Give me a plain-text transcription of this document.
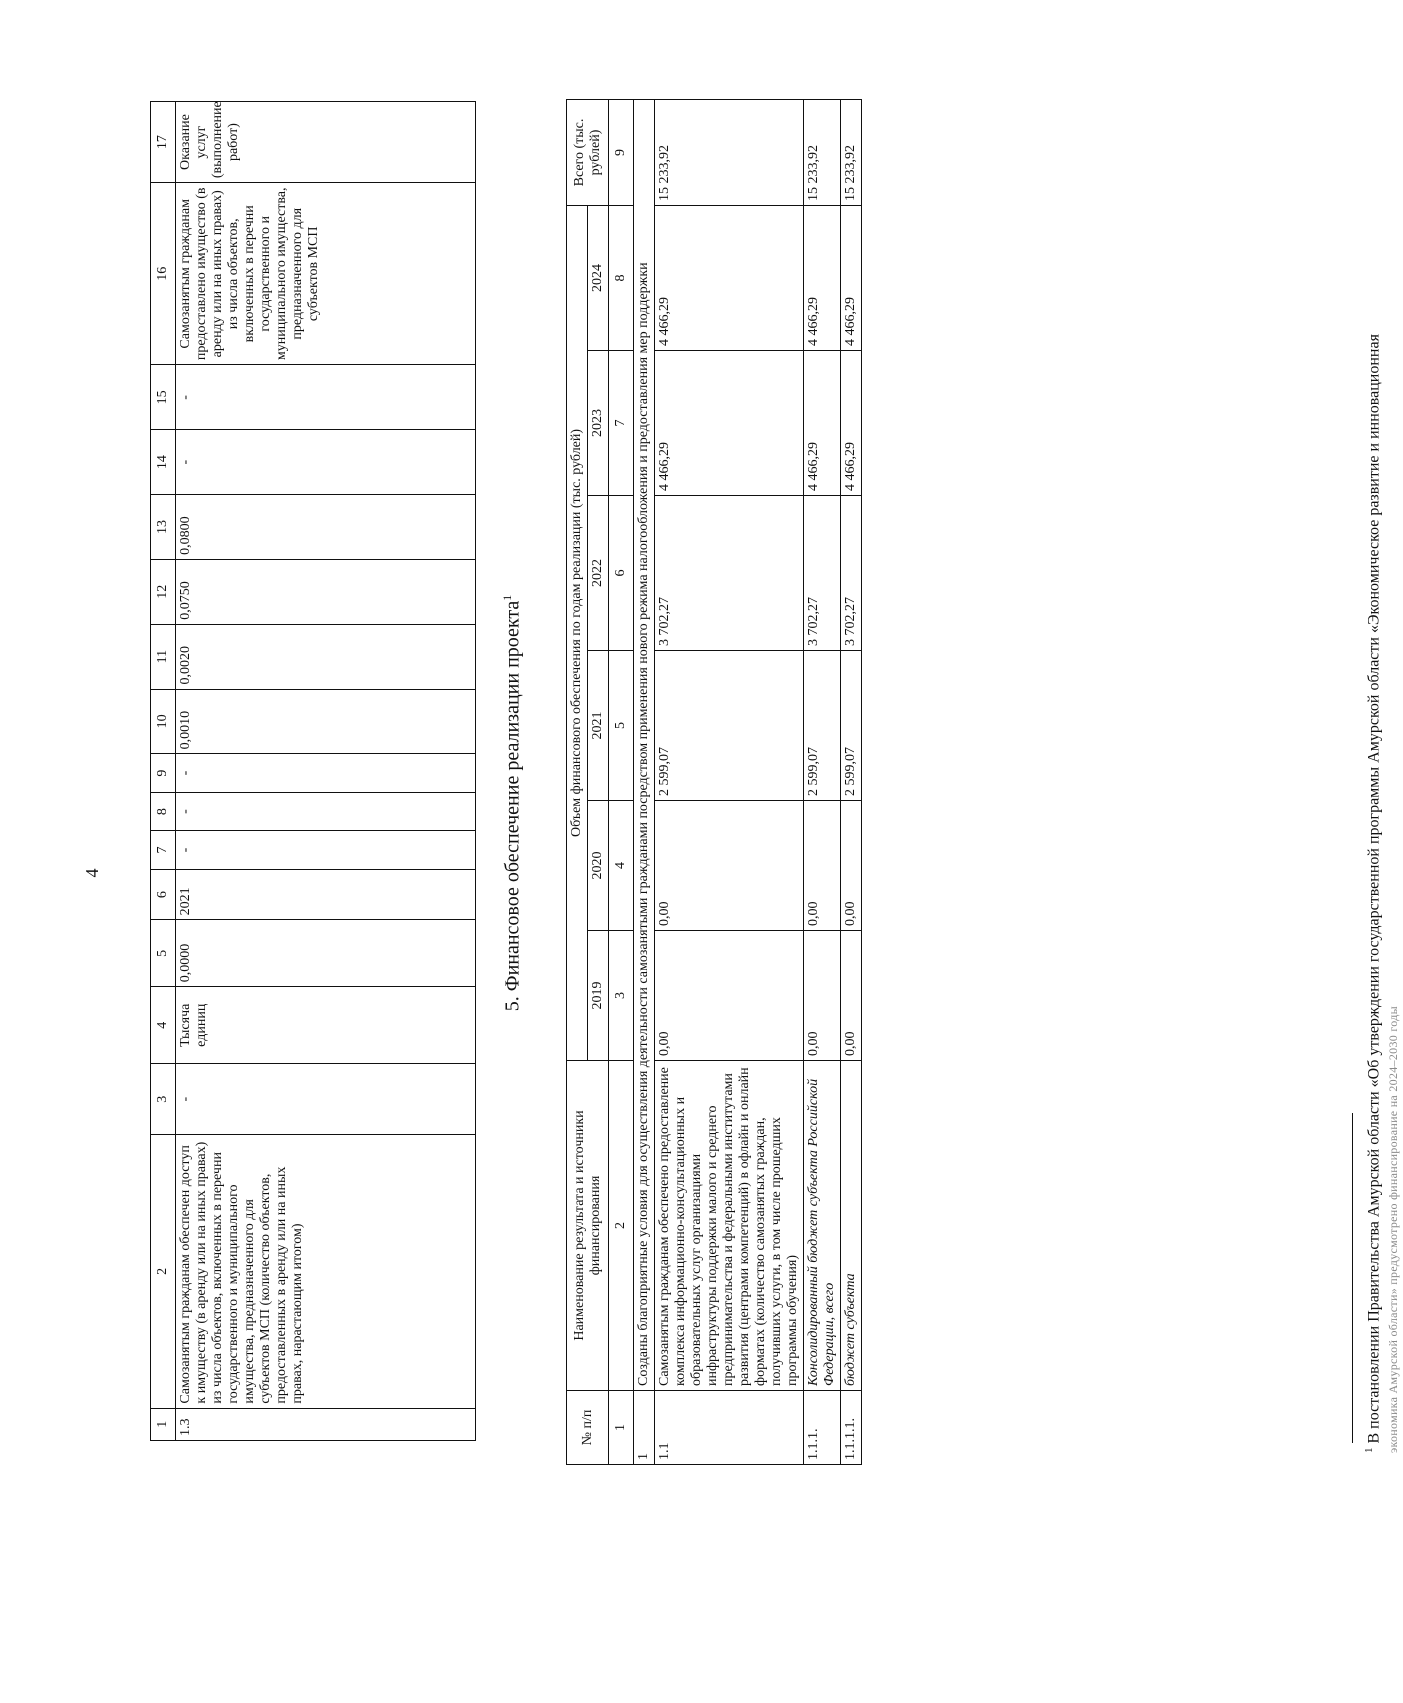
4
1	2	3	4	5	6	7	8	9	10	11	12	13	14	15	16	17
1.3	Самозанятым гражданам обеспечен доступ к имуществу (в аренду или на иных правах) из числа объектов, включенных в перечни государственного и муниципального имущества, предназначенного для субъектов МСП (количество объектов, предоставленных в аренду или на иных правах, нарастающим итогом)	-	Тысяча единиц	0,0000	2021	-	-	-	0,0010	0,0020	0,0750	0,0800	-	-	Самозанятым гражданам предоставлено имущество (в аренду или на иных правах) из числа объектов, включенных в перечни государственного и муниципального имущества, предназначенного для субъектов МСП	Оказание услуг (выполнение работ)
5. Финансовое обеспечение реализации проекта$^1$
№ п/п	Наименование результата и источники финансирования	Объем финансового обеспечения по годам реализации (тыс. рублей)						Всего (тыс. рублей)
		2019	2020	2021	2022	2023	2024	
1	2	3	4	5	6	7	8	9
1	Созданы благоприятные условия для осуществления деятельности самозанятыми гражданами посредством применения нового режима налогообложения и предоставления мер поддержки							
1.1	Самозанятым гражданам обеспечено предоставление комплекса информационно-консультационных и образовательных услуг организациями инфраструктуры поддержки малого и среднего предпринимательства и федеральными институтами развития (центрами компетенций) в офлайн и онлайн форматах (количество самозанятых граждан, получивших услуги, в том числе прошедших программы обучения)	0,00	0,00	2 599,07	3 702,27	4 466,29	4 466,29	15 233,92
1.1.1.	Консолидированный бюджет субъекта Российской Федерации, всего	0,00	0,00	2 599,07	3 702,27	4 466,29	4 466,29	15 233,92
1.1.1.1.	бюджет субъекта	0,00	0,00	2 599,07	3 702,27	4 466,29	4 466,29	15 233,92
$^1$ В постановлении Правительства Амурской области «Об утверждении государственной программы Амурской области «Экономическое развитие и инновационная экономика Амурской области» предусмотрено финансирование на 2024–2030 годы
